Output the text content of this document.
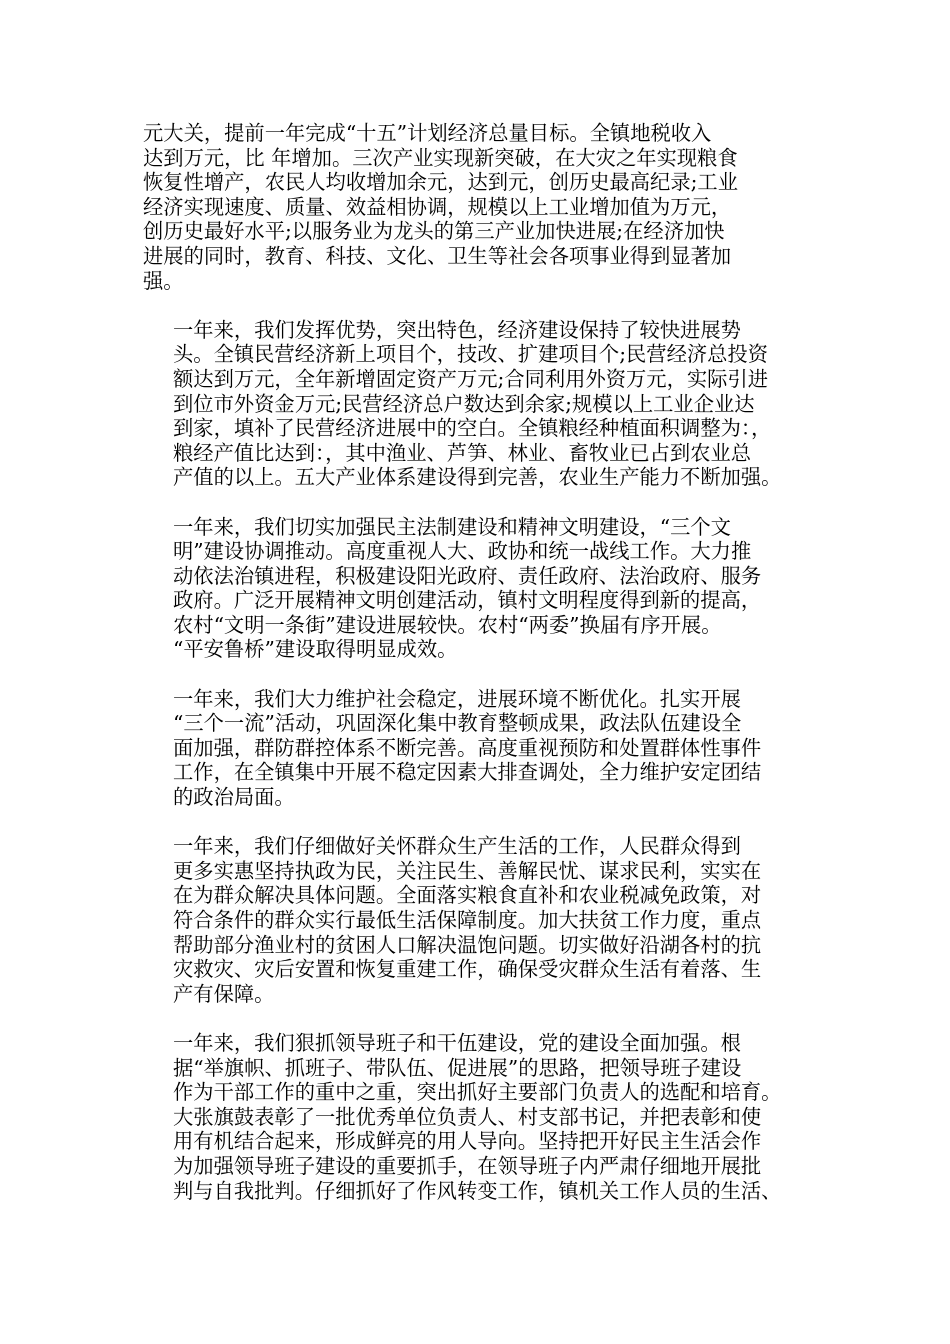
元大关，提前一年完成“十五”计划经济总量目标。全镇地税收入
达到万元，比 年增加。三次产业实现新突破，在大灾之年实现粮食
恢复性增产，农民人均收增加余元，达到元，创历史最高纪录;工业
经济实现速度、质量、效益相协调，规模以上工业增加值为万元，
创历史最好水平;以服务业为龙头的第三产业加快进展;在经济加快
进展的同时，教育、科技、文化、卫生等社会各项事业得到显著加
强。
一年来，我们发挥优势，突出特色，经济建设保持了较快进展势
头。全镇民营经济新上项目个，技改、扩建项目个;民营经济总投资
额达到万元，全年新增固定资产万元;合同利用外资万元，实际引进
到位市外资金万元;民营经济总户数达到余家;规模以上工业企业达
到家，填补了民营经济进展中的空白。全镇粮经种植面积调整为：，
粮经产值比达到：，其中渔业、芦笋、林业、畜牧业已占到农业总
产值的以上。五大产业体系建设得到完善，农业生产能力不断加强。
一年来，我们切实加强民主法制建设和精神文明建设，“三个文
明”建设协调推动。高度重视人大、政协和统一战线工作。大力推
动依法治镇进程，积极建设阳光政府、责任政府、法治政府、服务
政府。广泛开展精神文明创建活动，镇村文明程度得到新的提高，
农村“文明一条街”建设进展较快。农村“两委”换届有序开展。
“平安鲁桥”建设取得明显成效。
一年来，我们大力维护社会稳定，进展环境不断优化。扎实开展
“三个一流”活动，巩固深化集中教育整顿成果，政法队伍建设全
面加强，群防群控体系不断完善。高度重视预防和处置群体性事件
工作，在全镇集中开展不稳定因素大排查调处，全力维护安定团结
的政治局面。
一年来，我们仔细做好关怀群众生产生活的工作，人民群众得到
更多实惠坚持执政为民，关注民生、善解民忧、谋求民利，实实在
在为群众解决具体问题。全面落实粮食直补和农业税减免政策，对
符合条件的群众实行最低生活保障制度。加大扶贫工作力度，重点
帮助部分渔业村的贫困人口解决温饱问题。切实做好沿湖各村的抗
灾救灾、灾后安置和恢复重建工作，确保受灾群众生活有着落、生
产有保障。
一年来，我们狠抓领导班子和干伍建设，党的建设全面加强。根
据“举旗帜、抓班子、带队伍、促进展”的思路，把领导班子建设
作为干部工作的重中之重，突出抓好主要部门负责人的选配和培育。
大张旗鼓表彰了一批优秀单位负责人、村支部书记，并把表彰和使
用有机结合起来，形成鲜亮的用人导向。坚持把开好民主生活会作
为加强领导班子建设的重要抓手，在领导班子内严肃仔细地开展批
判与自我批判。仔细抓好了作风转变工作，镇机关工作人员的生活、
